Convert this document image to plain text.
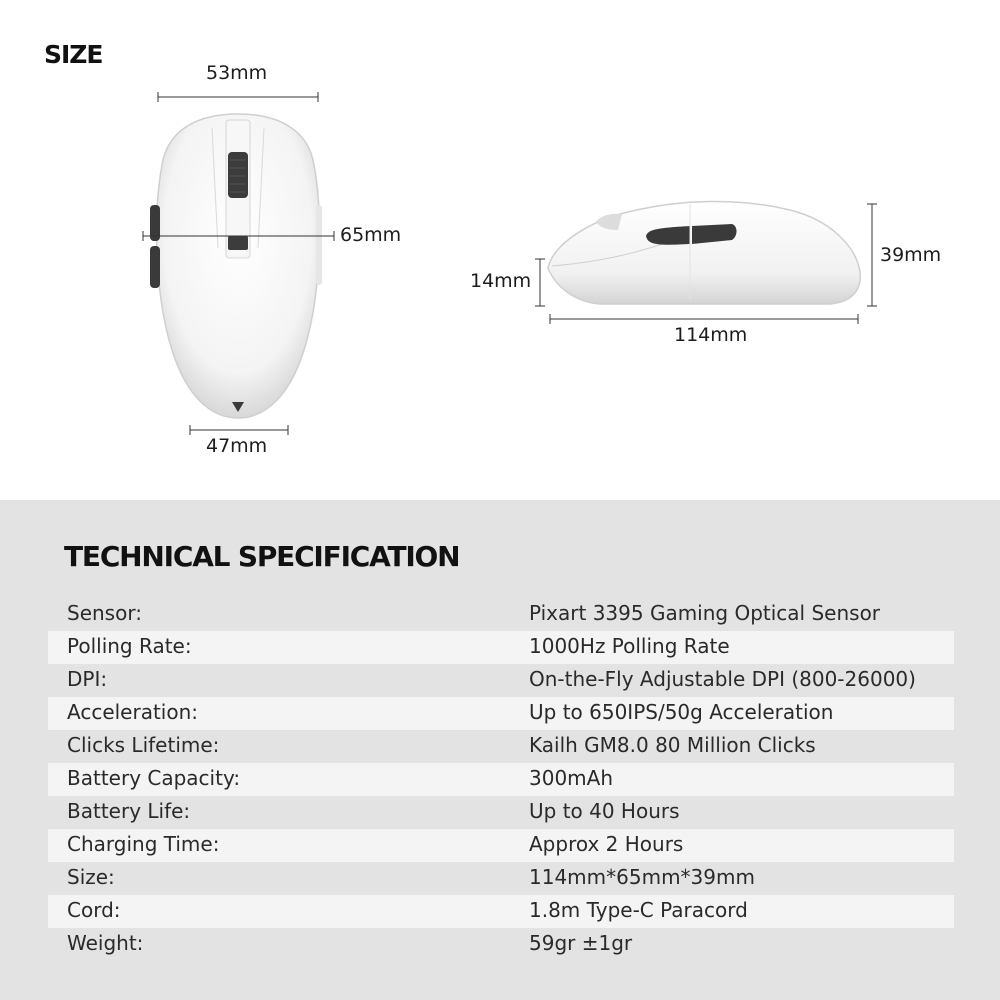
SIZE
53mm
65mm
47mm
39mm
14mm
114mm
TECHNICAL SPECIFICATION
Sensor:	Pixart 3395 Gaming Optical Sensor
Polling Rate:	1000Hz Polling Rate
DPI:	On-the-Fly Adjustable DPI (800-26000)
Acceleration:	Up to 650IPS/50g Acceleration
Clicks Lifetime:	Kailh GM8.0 80 Million Clicks
Battery Capacity:	300mAh
Battery Life:	Up to 40 Hours
Charging Time:	Approx 2 Hours
Size:	114mm*65mm*39mm
Cord:	1.8m Type-C Paracord
Weight:	59gr ±1gr
